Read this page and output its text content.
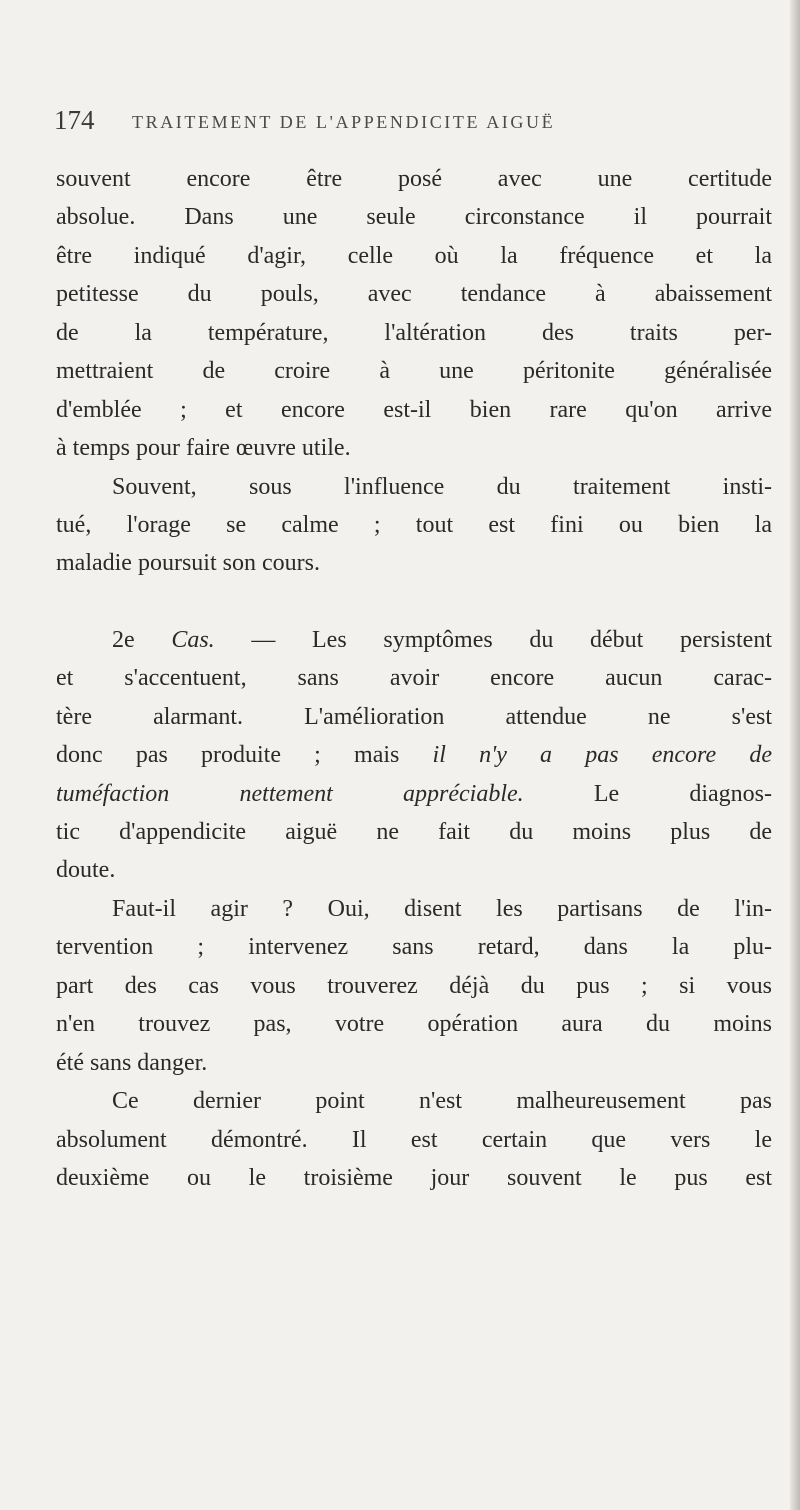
174 TRAITEMENT DE L'APPENDICITE AIGUË
souvent encore être posé avec une certitude
absolue. Dans une seule circonstance il pourrait
être indiqué d'agir, celle où la fréquence et la
petitesse du pouls, avec tendance à abaissement
de la température, l'altération des traits per-
mettraient de croire à une péritonite généralisée
d'emblée ; et encore est-il bien rare qu'on arrive
à temps pour faire œuvre utile.
Souvent, sous l'influence du traitement insti-
tué, l'orage se calme ; tout est fini ou bien la
maladie poursuit son cours.
2e Cas. — Les symptômes du début persistent
et s'accentuent, sans avoir encore aucun carac-
tère alarmant. L'amélioration attendue ne s'est
donc pas produite ; mais il n'y a pas encore de
tuméfaction nettement appréciable. Le diagnos-
tic d'appendicite aiguë ne fait du moins plus de
doute.
Faut-il agir ? Oui, disent les partisans de l'in-
tervention ; intervenez sans retard, dans la plu-
part des cas vous trouverez déjà du pus ; si vous
n'en trouvez pas, votre opération aura du moins
été sans danger.
Ce dernier point n'est malheureusement pas
absolument démontré. Il est certain que vers le
deuxième ou le troisième jour souvent le pus est
